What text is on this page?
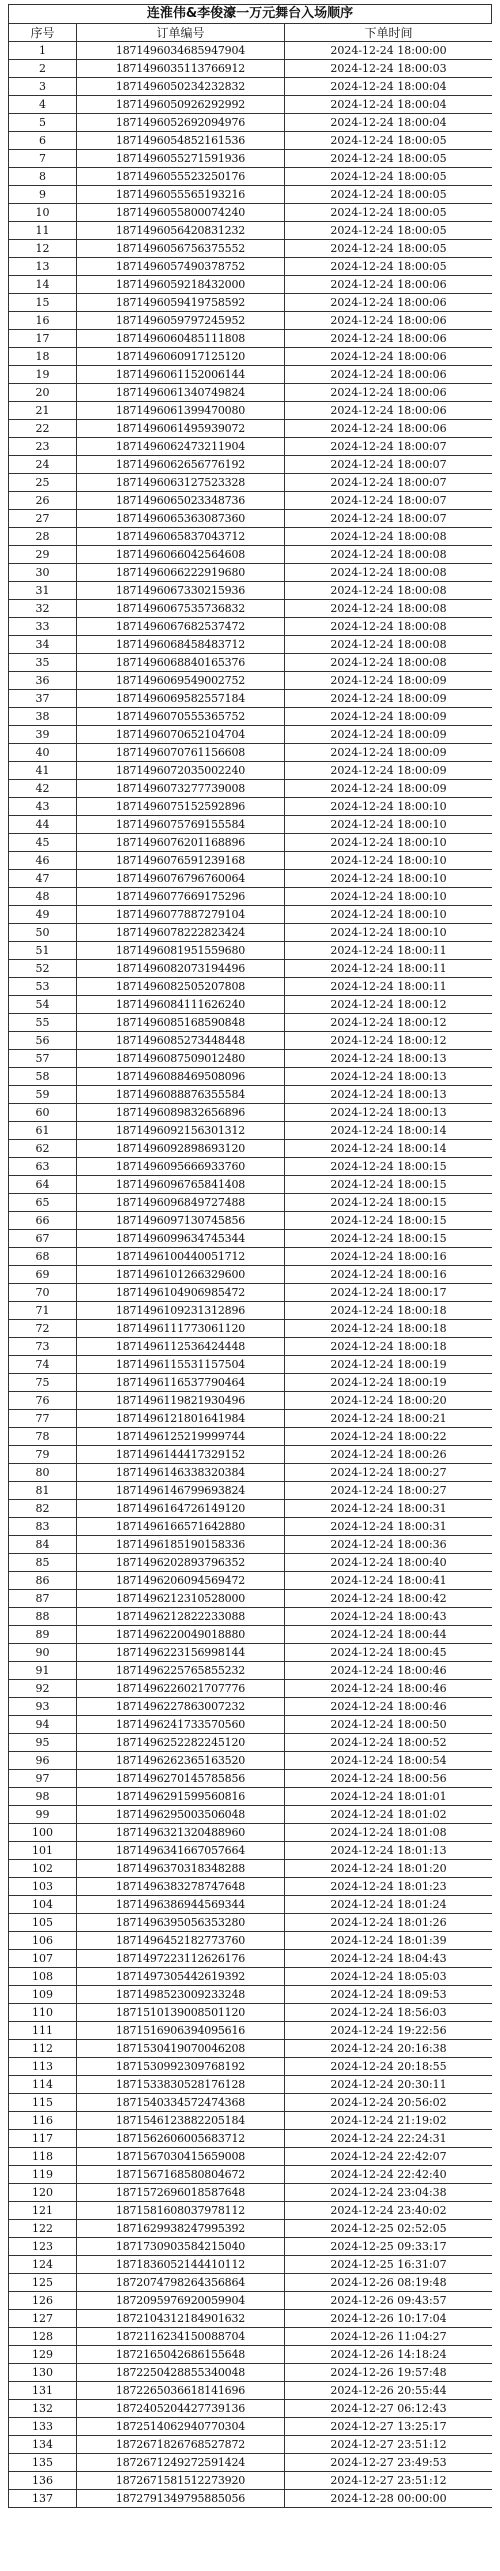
连淮伟&李俊濠一万元舞台入场顺序
序号	订单编号	下单时间
1	1871496034685947904	2024-12-24 18:00:00
2	1871496035113766912	2024-12-24 18:00:03
3	1871496050234232832	2024-12-24 18:00:04
4	1871496050926292992	2024-12-24 18:00:04
5	1871496052692094976	2024-12-24 18:00:04
6	1871496054852161536	2024-12-24 18:00:05
7	1871496055271591936	2024-12-24 18:00:05
8	1871496055523250176	2024-12-24 18:00:05
9	1871496055565193216	2024-12-24 18:00:05
10	1871496055800074240	2024-12-24 18:00:05
11	1871496056420831232	2024-12-24 18:00:05
12	1871496056756375552	2024-12-24 18:00:05
13	1871496057490378752	2024-12-24 18:00:05
14	1871496059218432000	2024-12-24 18:00:06
15	1871496059419758592	2024-12-24 18:00:06
16	1871496059797245952	2024-12-24 18:00:06
17	1871496060485111808	2024-12-24 18:00:06
18	1871496060917125120	2024-12-24 18:00:06
19	1871496061152006144	2024-12-24 18:00:06
20	1871496061340749824	2024-12-24 18:00:06
21	1871496061399470080	2024-12-24 18:00:06
22	1871496061495939072	2024-12-24 18:00:06
23	1871496062473211904	2024-12-24 18:00:07
24	1871496062656776192	2024-12-24 18:00:07
25	1871496063127523328	2024-12-24 18:00:07
26	1871496065023348736	2024-12-24 18:00:07
27	1871496065363087360	2024-12-24 18:00:07
28	1871496065837043712	2024-12-24 18:00:08
29	1871496066042564608	2024-12-24 18:00:08
30	1871496066222919680	2024-12-24 18:00:08
31	1871496067330215936	2024-12-24 18:00:08
32	1871496067535736832	2024-12-24 18:00:08
33	1871496067682537472	2024-12-24 18:00:08
34	1871496068458483712	2024-12-24 18:00:08
35	1871496068840165376	2024-12-24 18:00:08
36	1871496069549002752	2024-12-24 18:00:09
37	1871496069582557184	2024-12-24 18:00:09
38	1871496070555365752	2024-12-24 18:00:09
39	1871496070652104704	2024-12-24 18:00:09
40	1871496070761156608	2024-12-24 18:00:09
41	1871496072035002240	2024-12-24 18:00:09
42	1871496073277739008	2024-12-24 18:00:09
43	1871496075152592896	2024-12-24 18:00:10
44	1871496075769155584	2024-12-24 18:00:10
45	1871496076201168896	2024-12-24 18:00:10
46	1871496076591239168	2024-12-24 18:00:10
47	1871496076796760064	2024-12-24 18:00:10
48	1871496077669175296	2024-12-24 18:00:10
49	1871496077887279104	2024-12-24 18:00:10
50	1871496078222823424	2024-12-24 18:00:10
51	1871496081951559680	2024-12-24 18:00:11
52	1871496082073194496	2024-12-24 18:00:11
53	1871496082505207808	2024-12-24 18:00:11
54	1871496084111626240	2024-12-24 18:00:12
55	1871496085168590848	2024-12-24 18:00:12
56	1871496085273448448	2024-12-24 18:00:12
57	1871496087509012480	2024-12-24 18:00:13
58	1871496088469508096	2024-12-24 18:00:13
59	1871496088876355584	2024-12-24 18:00:13
60	1871496089832656896	2024-12-24 18:00:13
61	1871496092156301312	2024-12-24 18:00:14
62	1871496092898693120	2024-12-24 18:00:14
63	1871496095666933760	2024-12-24 18:00:15
64	1871496096765841408	2024-12-24 18:00:15
65	1871496096849727488	2024-12-24 18:00:15
66	1871496097130745856	2024-12-24 18:00:15
67	1871496099634745344	2024-12-24 18:00:15
68	1871496100440051712	2024-12-24 18:00:16
69	1871496101266329600	2024-12-24 18:00:16
70	1871496104906985472	2024-12-24 18:00:17
71	1871496109231312896	2024-12-24 18:00:18
72	1871496111773061120	2024-12-24 18:00:18
73	1871496112536424448	2024-12-24 18:00:18
74	1871496115531157504	2024-12-24 18:00:19
75	1871496116537790464	2024-12-24 18:00:19
76	1871496119821930496	2024-12-24 18:00:20
77	1871496121801641984	2024-12-24 18:00:21
78	1871496125219999744	2024-12-24 18:00:22
79	1871496144417329152	2024-12-24 18:00:26
80	1871496146338320384	2024-12-24 18:00:27
81	1871496146799693824	2024-12-24 18:00:27
82	1871496164726149120	2024-12-24 18:00:31
83	1871496166571642880	2024-12-24 18:00:31
84	1871496185190158336	2024-12-24 18:00:36
85	1871496202893796352	2024-12-24 18:00:40
86	1871496206094569472	2024-12-24 18:00:41
87	1871496212310528000	2024-12-24 18:00:42
88	1871496212822233088	2024-12-24 18:00:43
89	1871496220049018880	2024-12-24 18:00:44
90	1871496223156998144	2024-12-24 18:00:45
91	1871496225765855232	2024-12-24 18:00:46
92	1871496226021707776	2024-12-24 18:00:46
93	1871496227863007232	2024-12-24 18:00:46
94	1871496241733570560	2024-12-24 18:00:50
95	1871496252282245120	2024-12-24 18:00:52
96	1871496262365163520	2024-12-24 18:00:54
97	1871496270145785856	2024-12-24 18:00:56
98	1871496291599560816	2024-12-24 18:01:01
99	1871496295003506048	2024-12-24 18:01:02
100	1871496321320488960	2024-12-24 18:01:08
101	1871496341667057664	2024-12-24 18:01:13
102	1871496370318348288	2024-12-24 18:01:20
103	1871496383278747648	2024-12-24 18:01:23
104	1871496386944569344	2024-12-24 18:01:24
105	1871496395056353280	2024-12-24 18:01:26
106	1871496452182773760	2024-12-24 18:01:39
107	1871497223112626176	2024-12-24 18:04:43
108	1871497305442619392	2024-12-24 18:05:03
109	1871498523009233248	2024-12-24 18:09:53
110	1871510139008501120	2024-12-24 18:56:03
111	1871516906394095616	2024-12-24 19:22:56
112	1871530419070046208	2024-12-24 20:16:38
113	1871530992309768192	2024-12-24 20:18:55
114	1871533830528176128	2024-12-24 20:30:11
115	1871540334572474368	2024-12-24 20:56:02
116	1871546123882205184	2024-12-24 21:19:02
117	1871562606005683712	2024-12-24 22:24:31
118	1871567030415659008	2024-12-24 22:42:07
119	1871567168580804672	2024-12-24 22:42:40
120	1871572696018587648	2024-12-24 23:04:38
121	1871581608037978112	2024-12-24 23:40:02
122	1871629938247995392	2024-12-25 02:52:05
123	1871730903584215040	2024-12-25 09:33:17
124	1871836052144410112	2024-12-25 16:31:07
125	1872074798264356864	2024-12-26 08:19:48
126	1872095976920059904	2024-12-26 09:43:57
127	1872104312184901632	2024-12-26 10:17:04
128	1872116234150088704	2024-12-26 11:04:27
129	1872165042686155648	2024-12-26 14:18:24
130	1872250428855340048	2024-12-26 19:57:48
131	1872265036618141696	2024-12-26 20:55:44
132	1872405204427739136	2024-12-27 06:12:43
133	1872514062940770304	2024-12-27 13:25:17
134	1872671826768527872	2024-12-27 23:51:12
135	1872671249272591424	2024-12-27 23:49:53
136	1872671581512273920	2024-12-27 23:51:12
137	1872791349795885056	2024-12-28 00:00:00
